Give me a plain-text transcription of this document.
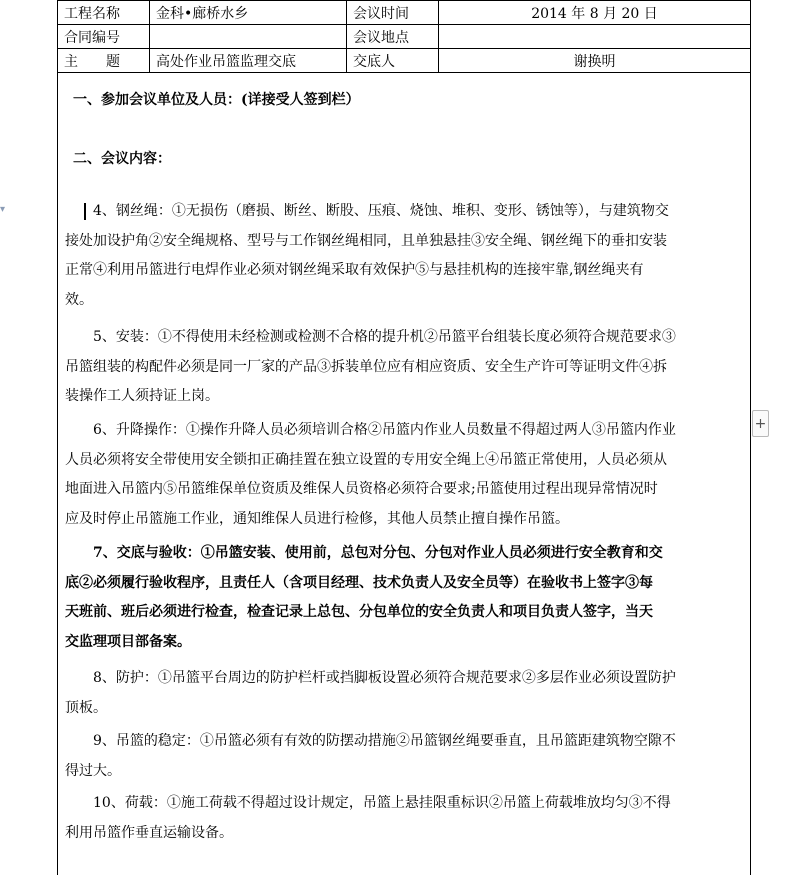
工程名称	金科•廊桥水乡	会议时间	2014 年 8 月 20 日
合同编号		会议地点	
主　　题	高处作业吊篮监理交底	交底人	谢换明
一、参加会议单位及人员：(详接受人签到栏）
二、会议内容：
4、钢丝绳：①无损伤（磨损、断丝、断股、压痕、烧蚀、堆积、变形、锈蚀等），与建筑物交
接处加设护角②安全绳规格、型号与工作钢丝绳相同，且单独悬挂③安全绳、钢丝绳下的垂扣安装
正常④利用吊篮进行电焊作业必须对钢丝绳采取有效保护⑤与悬挂机构的连接牢靠,钢丝绳夹有
效。
5、安装：①不得使用未经检测或检测不合格的提升机②吊篮平台组装长度必须符合规范要求③
吊篮组装的构配件必须是同一厂家的产品③拆装单位应有相应资质、安全生产许可等证明文件④拆
装操作工人须持证上岗。
6、升降操作：①操作升降人员必须培训合格②吊篮内作业人员数量不得超过两人③吊篮内作业
人员必须将安全带使用安全锁扣正确挂置在独立设置的专用安全绳上④吊篮正常使用，人员必须从
地面进入吊篮内⑤吊篮维保单位资质及维保人员资格必须符合要求;吊篮使用过程出现异常情况时
应及时停止吊篮施工作业，通知维保人员进行检修，其他人员禁止擅自操作吊篮。
7、交底与验收：①吊篮安装、使用前，总包对分包、分包对作业人员必须进行安全教育和交
底②必须履行验收程序，且责任人（含项目经理、技术负责人及安全员等）在验收书上签字③每
天班前、班后必须进行检查，检查记录上总包、分包单位的安全负责人和项目负责人签字，当天
交监理项目部备案。
8、防护：①吊篮平台周边的防护栏杆或挡脚板设置必须符合规范要求②多层作业必须设置防护
顶板。
9、吊篮的稳定：①吊篮必须有有效的防摆动措施②吊篮钢丝绳要垂直，且吊篮距建筑物空隙不
得过大。
10、荷载：①施工荷载不得超过设计规定，吊篮上悬挂限重标识②吊篮上荷载堆放均匀③不得
利用吊篮作垂直运输设备。
▾
+
